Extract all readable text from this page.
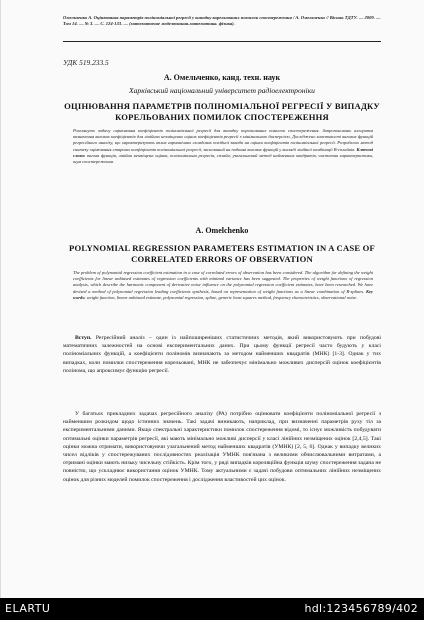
Омельченко А. Оцінювання параметрів поліноміальної регресії у випадку корельованих помилок спостереження / А. Омельченко // Вісник ТДТУ. — 2009. — Том 14. — № 3. — С. 124-133. — (математичне моделювання.математика. фізика).
УДК 519.233.5
А. Омельченко, канд. техн. наук
Харківський національний університет радіоелектроніки
ОЦІНЮВАННЯ ПАРАМЕТРІВ ПОЛІНОМІАЛЬНОЇ РЕГРЕСІЇ У ВИПАДКУ КОРЕЛЬОВАНИХ ПОМИЛОК СПОСТЕРЕЖЕННЯ
Розглянуто задачу оцінювання коефіцієнтів поліноміальної регресії для випадку корельованих помилок спостереження. Запропоновано алгоритм визначення вагових коефіцієнтів для лінійних незміщених оцінок коефіцієнтів регресії з мінімальною дисперсією. Досліджено властивості вагових функцій регресійного аналізу, що характеризують вплив гармонічних складових похідної завади на оцінки коефіцієнтів поліноміальної регресії. Розроблено метод синтезу оцінювання старших коефіцієнтів поліноміальної регресії, заснований на поданні вагових функцій у вигляді лінійної комбінації B-сплайнів. Ключові слова: вагова функція, лінійна незміщена оцінка, поліноміальна регресія, сплайн, узагальнений метод найменших квадратів, частотна характеристика, шум спостереження.
A. Omelchenko
POLYNOMIAL REGRESSION PARAMETERS ESTIMATION IN A CASE OF CORRELATED ERRORS OF OBSERVATION
The problem of polynomial regression coefficient estimation in a case of correlated errors of observation has been considered. The algorithm for defining the weight coefficients for linear unbiased estimates of regression coefficients with minimal variance has been suggested. The properties of weight functions of regression analysis, which describe the harmonic component of derivative noise influence on the polynomial regression coefficient estimates, have been researched. We have devised a method of polynomial regression leading coefficients synthesis, based on representation of weight functions as a linear combination of B-splines. Key words: weight function, linear unbiased estimate, polynomial regression, spline, generic least squares method, frequency characteristics, observational noise.
Вступ. Регресійний аналіз – один із найпоширеніших статистичних методів, який використовують при побудові математичних залежностей на основі експериментальних даних. При цьому функції регресії часто будують у класі поліноміальних функцій, а коефіцієнти поліномів визначають за методом найменших квадратів (МНК) [1-3]. Однак у тих випадках, коли помилки спостереження корельовані, МНК не забезпечує мінімально можливих дисперсій оцінок коефіцієнтів полінома, що апроксимує функцію регресії.
У багатьох прикладних задачах регресійного аналізу (РА) потрібно оцінювати коефіцієнти поліноміальної регресії з найменшим розкидом щодо істинних значень. Такі задачі виникають, наприклад, при визначенні параметрів руху тіл за експериментальними даними. Якщо спектральні характеристики помилок спостереження відомі, то існує можливість побудувати оптимальні оцінки параметрів регресії, які мають мінімально можливі дисперсії у класі лінійних незміщених оцінок [2,4,5]. Такі оцінки можна отримати, використовуючи узагальнений метод найменших квадратів (УМНК) [2, 5, 6]. Однак у випадку великих чисел відліків у спостережуваних послідовностях реалізація УМНК пов'язана з великими обчислювальними витратами, а отримані оцінки мають низьку чисельну стійкість. Крім того, у ряді випадків кореляційна функція шуму спостереження задана не повністю, що ускладнює використання оцінок УМНК. Тому актуальними є задачі побудови оптимальних лінійних незміщених оцінок для різних моделей помилок спостереження і дослідження властивостей цих оцінок.
ELARTU	hdl:123456789/402
